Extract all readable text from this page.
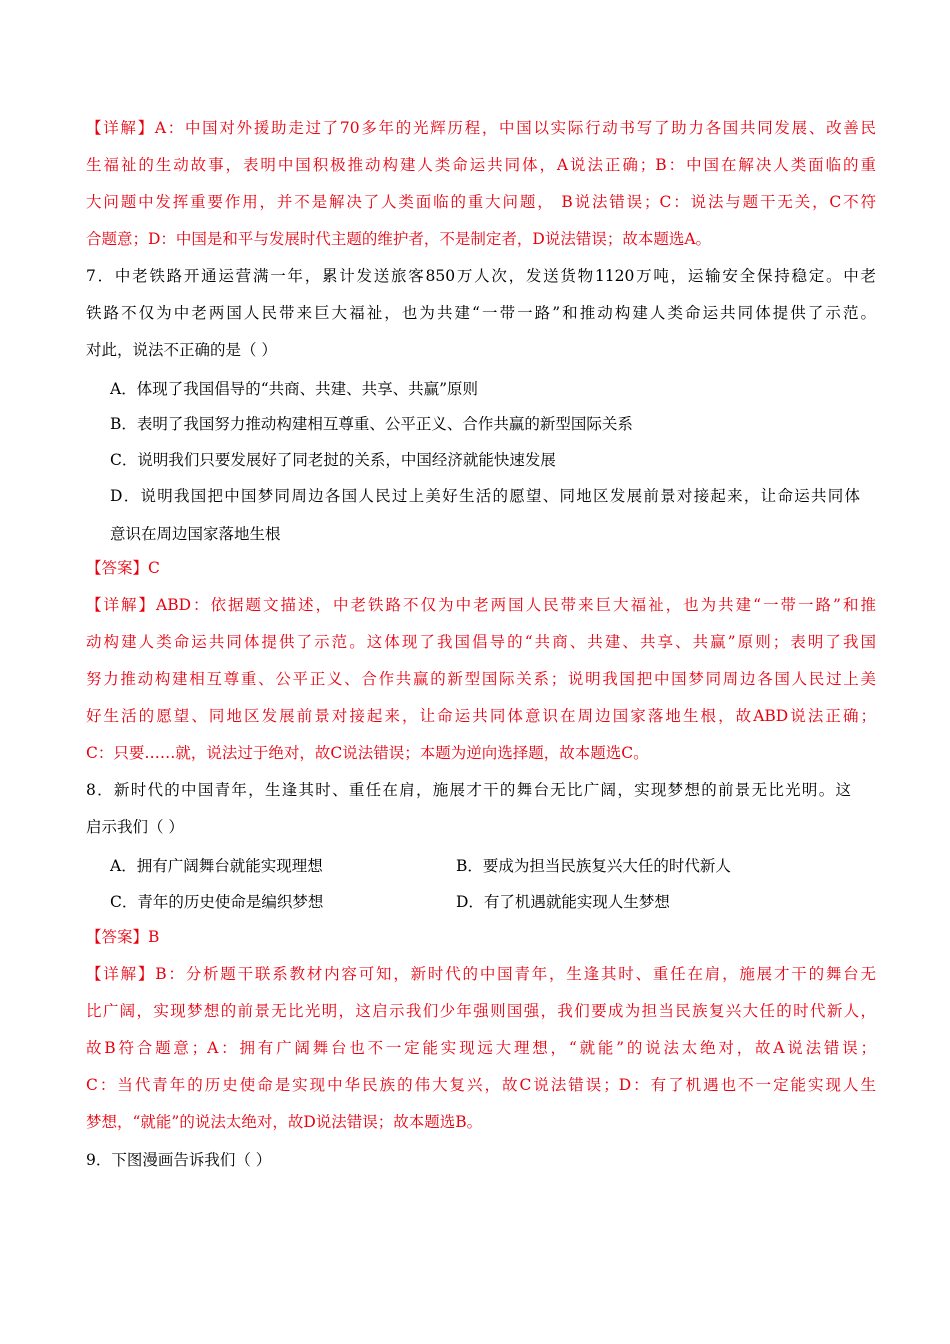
【详解】A：中国对外援助走过了70多年的光辉历程，中国以实际行动书写了助力各国共同发展、改善民
生福祉的生动故事，表明中国积极推动构建人类命运共同体，A说法正确；B：中国在解决人类面临的重
大问题中发挥重要作用，并不是解决了人类面临的重大问题， B说法错误；C：说法与题干无关，C不符
合题意；D：中国是和平与发展时代主题的维护者，不是制定者，D说法错误；故本题选A。
7．中老铁路开通运营满一年，累计发送旅客850万人次，发送货物1120万吨，运输安全保持稳定。中老
铁路不仅为中老两国人民带来巨大福祉，也为共建“一带一路”和推动构建人类命运共同体提供了示范。
对此，说法不正确的是（ ）
A．体现了我国倡导的“共商、共建、共享、共赢”原则
B．表明了我国努力推动构建相互尊重、公平正义、合作共赢的新型国际关系
C．说明我们只要发展好了同老挝的关系，中国经济就能快速发展
D．说明我国把中国梦同周边各国人民过上美好生活的愿望、同地区发展前景对接起来，让命运共同体
意识在周边国家落地生根
【答案】C
【详解】ABD：依据题文描述，中老铁路不仅为中老两国人民带来巨大福祉，也为共建“一带一路”和推
动构建人类命运共同体提供了示范。这体现了我国倡导的“共商、共建、共享、共赢”原则；表明了我国
努力推动构建相互尊重、公平正义、合作共赢的新型国际关系；说明我国把中国梦同周边各国人民过上美
好生活的愿望、同地区发展前景对接起来，让命运共同体意识在周边国家落地生根，故ABD说法正确；
C：只要……就，说法过于绝对，故C说法错误；本题为逆向选择题，故本题选C。
8．新时代的中国青年，生逢其时、重任在肩，施展才干的舞台无比广阔，实现梦想的前景无比光明。这
启示我们（ ）
A．拥有广阔舞台就能实现理想	B．要成为担当民族复兴大任的时代新人
C．青年的历史使命是编织梦想	D．有了机遇就能实现人生梦想
【答案】B
【详解】B：分析题干联系教材内容可知，新时代的中国青年，生逢其时、重任在肩，施展才干的舞台无
比广阔，实现梦想的前景无比光明，这启示我们少年强则国强，我们要成为担当民族复兴大任的时代新人，
故B符合题意；A：拥有广阔舞台也不一定能实现远大理想，“就能”的说法太绝对，故A说法错误；
C：当代青年的历史使命是实现中华民族的伟大复兴，故C说法错误；D：有了机遇也不一定能实现人生
梦想，“就能”的说法太绝对，故D说法错误；故本题选B。
9．下图漫画告诉我们（ ）
